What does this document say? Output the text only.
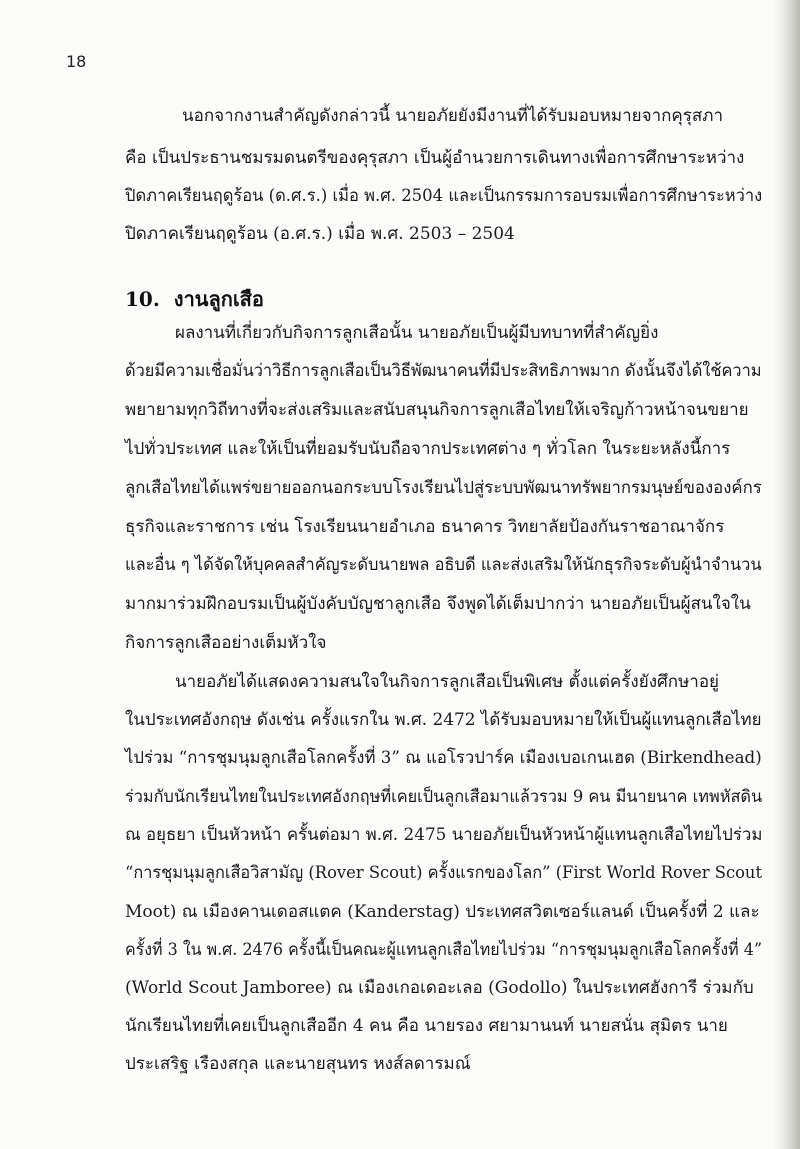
18
นอกจากงานสำคัญดังกล่าวนี้ นายอภัยยังมีงานที่ได้รับมอบหมายจากคุรุสภา
คือ เป็นประธานชมรมดนตรีของคุรุสภา เป็นผู้อำนวยการเดินทางเพื่อการศึกษาระหว่าง
ปิดภาคเรียนฤดูร้อน (ด.ศ.ร.) เมื่อ พ.ศ. 2504 และเป็นกรรมการอบรมเพื่อการศึกษาระหว่าง
ปิดภาคเรียนฤดูร้อน (อ.ศ.ร.) เมื่อ พ.ศ. 2503 – 2504
10. งานลูกเสือ
ผลงานที่เกี่ยวกับกิจการลูกเสือนั้น นายอภัยเป็นผู้มีบทบาทที่สำคัญยิ่ง
ด้วยมีความเชื่อมั่นว่าวิธีการลูกเสือเป็นวิธีพัฒนาคนที่มีประสิทธิภาพมาก ดังนั้นจึงได้ใช้ความ
พยายามทุกวิถีทางที่จะส่งเสริมและสนับสนุนกิจการลูกเสือไทยให้เจริญก้าวหน้าจนขยาย
ไปทั่วประเทศ และให้เป็นที่ยอมรับนับถือจากประเทศต่าง ๆ ทั่วโลก ในระยะหลังนี้การ
ลูกเสือไทยได้แพร่ขยายออกนอกระบบโรงเรียนไปสู่ระบบพัฒนาทรัพยากรมนุษย์ขององค์กร
ธุรกิจและราชการ เช่น โรงเรียนนายอำเภอ ธนาคาร วิทยาลัยป้องกันราชอาณาจักร
และอื่น ๆ ได้จัดให้บุคคลสำคัญระดับนายพล อธิบดี และส่งเสริมให้นักธุรกิจระดับผู้นำจำนวน
มากมาร่วมฝึกอบรมเป็นผู้บังคับบัญชาลูกเสือ จึงพูดได้เต็มปากว่า นายอภัยเป็นผู้สนใจใน
กิจการลูกเสืออย่างเต็มหัวใจ
นายอภัยได้แสดงความสนใจในกิจการลูกเสือเป็นพิเศษ ตั้งแต่ครั้งยังศึกษาอยู่
ในประเทศอังกฤษ ดังเช่น ครั้งแรกใน พ.ศ. 2472 ได้รับมอบหมายให้เป็นผู้แทนลูกเสือไทย
ไปร่วม “การชุมนุมลูกเสือโลกครั้งที่ 3” ณ แอโรวปาร์ค เมืองเบอเกนเฮด (Birkendhead)
ร่วมกับนักเรียนไทยในประเทศอังกฤษที่เคยเป็นลูกเสือมาแล้วรวม 9 คน มีนายนาค เทพหัสดิน
ณ อยุธยา เป็นหัวหน้า ครั้นต่อมา พ.ศ. 2475 นายอภัยเป็นหัวหน้าผู้แทนลูกเสือไทยไปร่วม
“การชุมนุมลูกเสือวิสามัญ (Rover Scout) ครั้งแรกของโลก” (First World Rover Scout
Moot) ณ เมืองคานเดอสแตค (Kanderstag) ประเทศสวิตเซอร์แลนด์ เป็นครั้งที่ 2 และ
ครั้งที่ 3 ใน พ.ศ. 2476 ครั้งนี้เป็นคณะผู้แทนลูกเสือไทยไปร่วม “การชุมนุมลูกเสือโลกครั้งที่ 4”
(World Scout Jamboree) ณ เมืองเกอเดอะเลอ (Godollo) ในประเทศฮังการี ร่วมกับ
นักเรียนไทยที่เคยเป็นลูกเสืออีก 4 คน คือ นายรอง ศยามานนท์ นายสนั่น สุมิตร นาย
ประเสริฐ เรืองสกุล และนายสุนทร หงส์ลดารมณ์
